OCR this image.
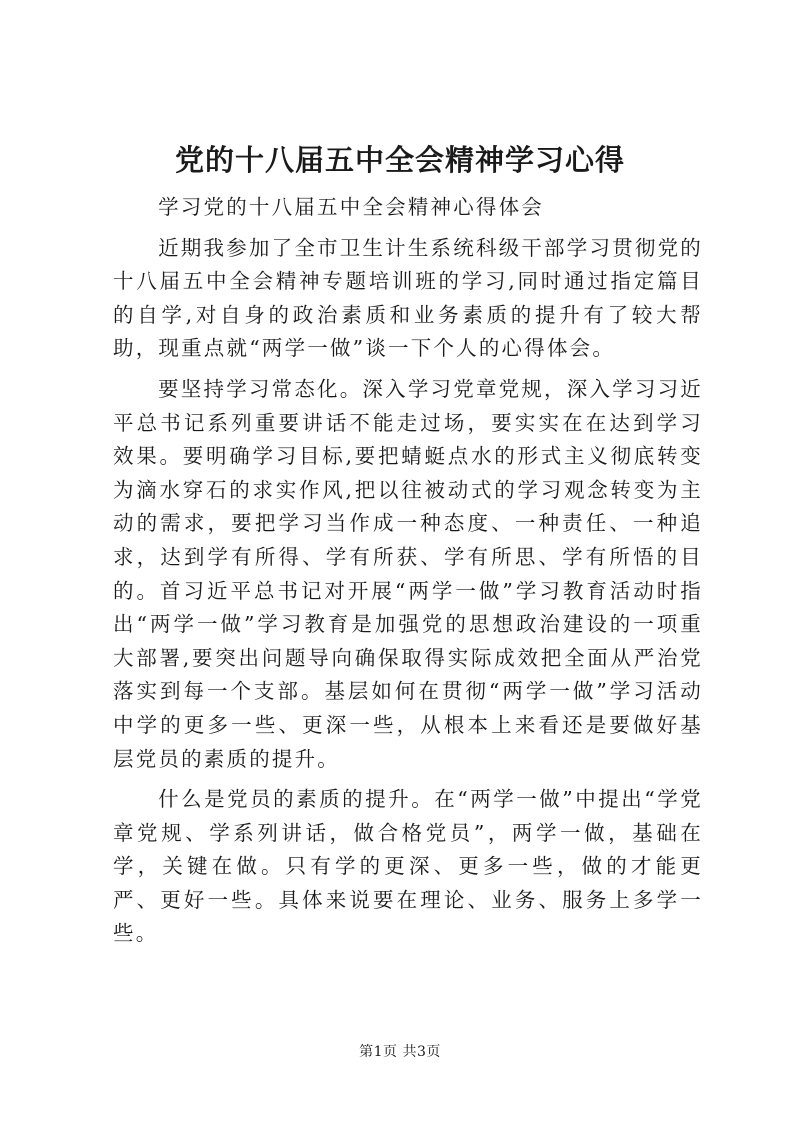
党的十八届五中全会精神学习心得

学习党的十八届五中全会精神心得体会

近期我参加了全市卫生计生系统科级干部学习贯彻党的十八届五中全会精神专题培训班的学习,同时通过指定篇目的自学,对自身的政治素质和业务素质的提升有了较大帮助，现重点就“两学一做”谈一下个人的心得体会。

要坚持学习常态化。深入学习党章党规，深入学习习近平总书记系列重要讲话不能走过场，要实实在在达到学习效果。要明确学习目标,要把蜻蜓点水的形式主义彻底转变为滴水穿石的求实作风,把以往被动式的学习观念转变为主动的需求，要把学习当作成一种态度、一种责任、一种追求，达到学有所得、学有所获、学有所思、学有所悟的目的。首习近平总书记对开展“两学一做”学习教育活动时指出“两学一做”学习教育是加强党的思想政治建设的一项重大部署,要突出问题导向确保取得实际成效把全面从严治党落实到每一个支部。基层如何在贯彻“两学一做”学习活动中学的更多一些、更深一些，从根本上来看还是要做好基层党员的素质的提升。

什么是党员的素质的提升。在“两学一做”中提出“学党章党规、学系列讲话，做合格党员”，两学一做，基础在学，关键在做。只有学的更深、更多一些，做的才能更严、更好一些。具体来说要在理论、业务、服务上多学一些。

第1页 共3页
